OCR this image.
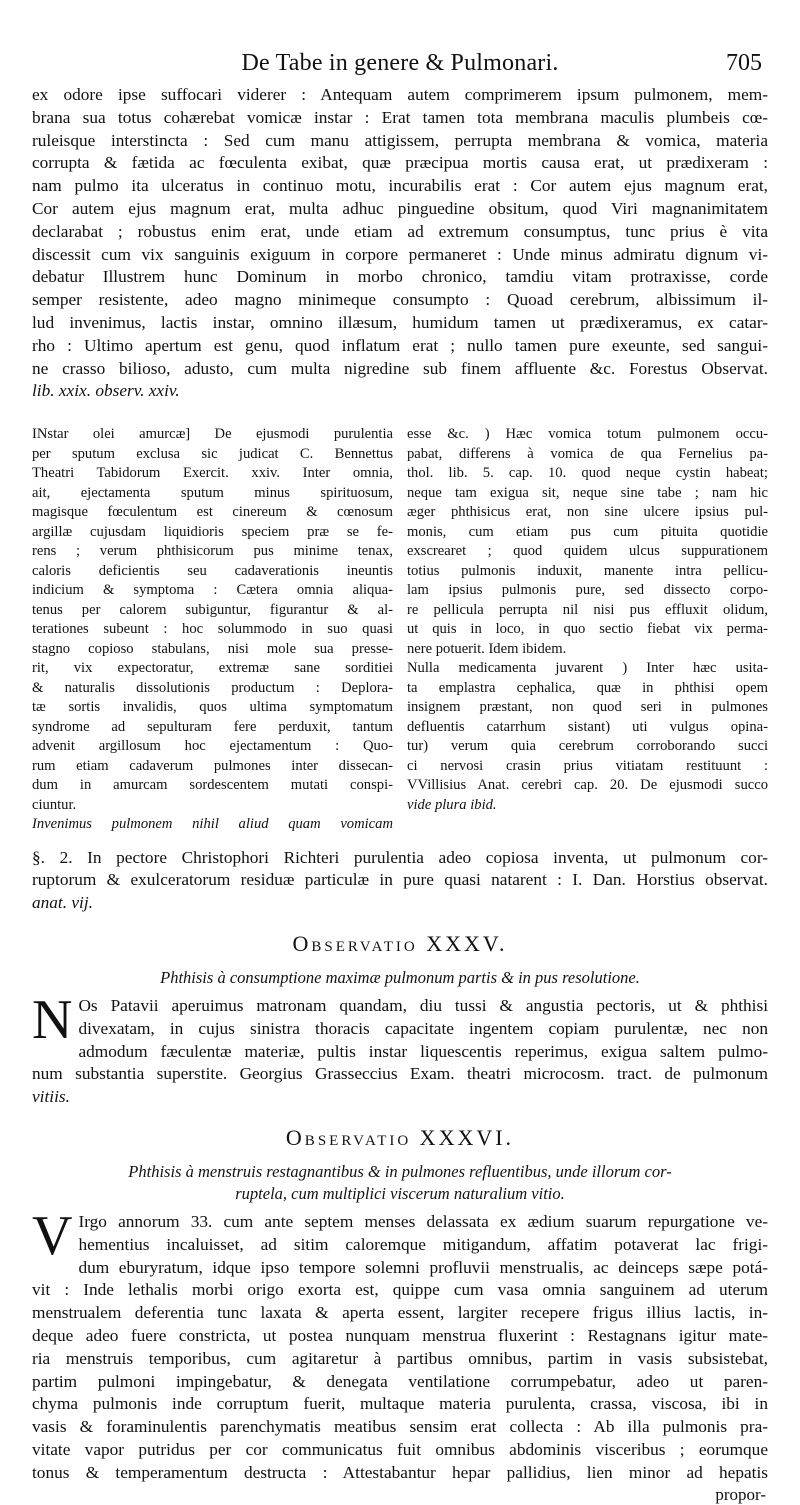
De Tabe in genere & Pulmonari.	705
ex odore ipse suffocari viderer : Antequam autem comprimerem ipsum pulmonem, mem-
brana sua totus cohærebat vomicæ instar : Erat tamen tota membrana maculis plumbeis cœ-
ruleisque interstincta : Sed cum manu attigissem, perrupta membrana & vomica, materia
corrupta & fætida ac fœculenta exibat, quæ præcipua mortis causa erat, ut prædixeram :
nam pulmo ita ulceratus in continuo motu, incurabilis erat : Cor autem ejus magnum erat,
Cor autem ejus magnum erat, multa adhuc pinguedine obsitum, quod Viri magnanimitatem
declarabat ; robustus enim erat, unde etiam ad extremum consumptus, tunc prius è vita
discessit cum vix sanguinis exiguum in corpore permaneret : Unde minus admiratu dignum vi-
debatur Illustrem hunc Dominum in morbo chronico, tamdiu vitam protraxisse, corde
semper resistente, adeo magno minimeque consumpto : Quoad cerebrum, albissimum il-
lud invenimus, lactis instar, omnino illæsum, humidum tamen ut prædixeramus, ex catar-
rho : Ultimo apertum est genu, quod inflatum erat ; nullo tamen pure exeunte, sed sangui-
ne crasso bilioso, adusto, cum multa nigredine sub finem affluente &c. Forestus Observat.
lib. xxix. observ. xxiv.
INstar olei amurcæ] De ejusmodi purulentia
per sputum exclusa sic judicat C. Bennettus
Theatri Tabidorum Exercit. xxiv. Inter omnia,
ait, ejectamenta sputum minus spirituosum,
magisque fœculentum est cinereum & cœnosum
argillæ cujusdam liquidioris speciem præ se fe-
rens ; verum phthisicorum pus minime tenax,
caloris deficientis seu cadaverationis ineuntis
indicium & symptoma : Cætera omnia aliqua-
tenus per calorem subiguntur, figurantur & al-
terationes subeunt : hoc solummodo in suo quasi
stagno copioso stabulans, nisi mole sua presse-
rit, vix expectoratur, extremæ sane sorditiei
& naturalis dissolutionis productum : Deplora-
tæ sortis invalidis, quos ultima symptomatum
syndrome ad sepulturam fere perduxit, tantum
advenit argillosum hoc ejectamentum : Quo-
rum etiam cadaverum pulmones inter dissecan-
dum in amurcam sordescentem mutati conspi-
ciuntur.
Invenimus pulmonem nihil aliud quam vomicam
esse &c. ) Hæc vomica totum pulmonem occu-
pabat, differens à vomica de qua Fernelius pa-
thol. lib. 5. cap. 10. quod neque cystin habeat;
neque tam exigua sit, neque sine tabe ; nam hic
æger phthisicus erat, non sine ulcere ipsius pul-
monis, cum etiam pus cum pituita quotidie
exscrearet ; quod quidem ulcus suppurationem
totius pulmonis induxit, manente intra pellicu-
lam ipsius pulmonis pure, sed dissecto corpo-
re pellicula perrupta nil nisi pus effluxit olidum,
ut quis in loco, in quo sectio fiebat vix perma-
nere potuerit. Idem ibidem.
Nulla medicamenta juvarent ) Inter hæc usita-
ta emplastra cephalica, quæ in phthisi opem
insignem præstant, non quod seri in pulmones
defluentis catarrhum sistant) uti vulgus opina-
tur) verum quia cerebrum corroborando succi
ci nervosi crasin prius vitiatam restituunt :
VVillisius Anat. cerebri cap. 20. De ejusmodi succo
vide plura ibid.
§. 2. In pectore Christophori Richteri purulentia adeo copiosa inventa, ut pulmonum cor-
ruptorum & exulceratorum residuæ particulæ in pure quasi natarent : I. Dan. Horstius observat.
anat. vij.
Observatio XXXV.
Phthisis à consumptione maximæ pulmonum partis & in pus resolutione.
N Os Patavii aperuimus matronam quandam, diu tussi & angustia pectoris, ut & phthisi
divexatam, in cujus sinistra thoracis capacitate ingentem copiam purulentæ, nec non
admodum fæculentæ materiæ, pultis instar liquescentis reperimus, exigua saltem pulmo-
num substantia superstite. Georgius Grasseccius Exam. theatri microcosm. tract. de pulmonum
vitiis.
Observatio XXXVI.
Phthisis à menstruis restagnantibus & in pulmones refluentibus, unde illorum cor-
ruptela, cum multiplici viscerum naturalium vitio.
V Irgo annorum 33. cum ante septem menses delassata ex ædium suarum repurgatione ve-
hementius incaluisset, ad sitim caloremque mitigandum, affatim potaverat lac frigi-
dum eburyratum, idque ipso tempore solemni profluvii menstrualis, ac deinceps sæpe potá-
vit : Inde lethalis morbi origo exorta est, quippe cum vasa omnia sanguinem ad uterum
menstrualem deferentia tunc laxata & aperta essent, largiter recepere frigus illius lactis, in-
deque adeo fuere constricta, ut postea nunquam menstrua fluxerint : Restagnans igitur mate-
ria menstruis temporibus, cum agitaretur à partibus omnibus, partim in vasis subsistebat,
partim pulmoni impingebatur, & denegata ventilatione corrumpebatur, adeo ut paren-
chyma pulmonis inde corruptum fuerit, multaque materia purulenta, crassa, viscosa, ibi in
vasis & foraminulentis parenchymatis meatibus sensim erat collecta : Ab illa pulmonis pra-
vitate vapor putridus per cor communicatus fuit omnibus abdominis visceribus ; eorumque
tonus & temperamentum destructa : Attestabantur hepar pallidius, lien minor ad hepatis
propor-
